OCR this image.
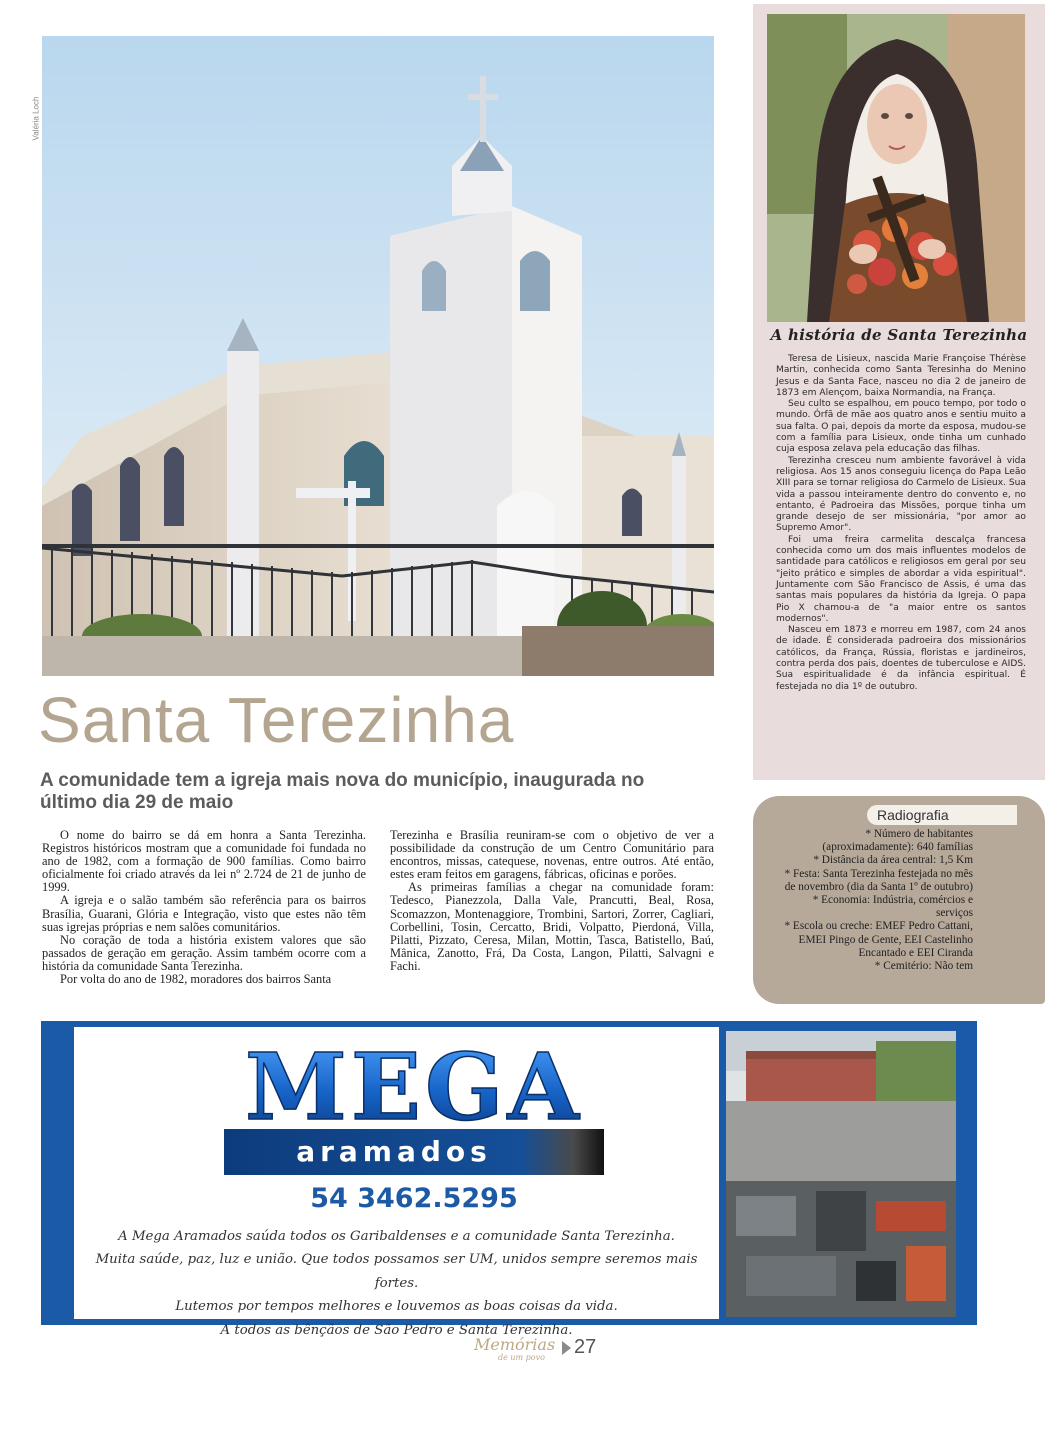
Valéria Loch
A história de Santa Terezinha

Teresa de Lisieux, nascida Marie Françoise Thérèse Martin, conhecida como Santa Teresinha do Menino Jesus e da Santa Face, nasceu no dia 2 de janeiro de 1873 em Alençom, baixa Normandia, na França.

Seu culto se espalhou, em pouco tempo, por todo o mundo. Órfã de mãe aos quatro anos e sentiu muito a sua falta. O pai, depois da morte da esposa, mudou-se com a família para Lisieux, onde tinha um cunhado cuja esposa zelava pela educação das filhas.

Terezinha cresceu num ambiente favorável à vida religiosa. Aos 15 anos conseguiu licença do Papa Leão XIII para se tornar religiosa do Carmelo de Lisieux. Sua vida a passou inteiramente dentro do convento e, no entanto, é Padroeira das Missões, porque tinha um grande desejo de ser missionária, "por amor ao Supremo Amor".

Foi uma freira carmelita descalça francesa conhecida como um dos mais influentes modelos de santidade para católicos e religiosos em geral por seu "jeito prático e simples de abordar a vida espiritual". Juntamente com São Francisco de Assis, é uma das santas mais populares da história da Igreja. O papa Pio X chamou-a de "a maior entre os santos modernos".

Nasceu em 1873 e morreu em 1987, com 24 anos de idade. É considerada padroeira dos missionários católicos, da França, Rússia, floristas e jardineiros, contra perda dos pais, doentes de tuberculose e AIDS. Sua espiritualidade é da infância espiritual. É festejada no dia 1º de outubro.

Santa Terezinha
A comunidade tem a igreja mais nova do município, inaugurada no último dia 29 de maio

O nome do bairro se dá em honra a Santa Terezinha. Registros históricos mostram que a comunidade foi fundada no ano de 1982, com a formação de 900 famílias. Como bairro oficialmente foi criado através da lei nº 2.724 de 21 de junho de 1999.

A igreja e o salão também são referência para os bairros Brasília, Guarani, Glória e Integração, visto que estes não têm suas igrejas próprias e nem salões comunitários.

No coração de toda a história existem valores que são passados de geração em geração. Assim também ocorre com a história da comunidade Santa Terezinha.

Por volta do ano de 1982, moradores dos bairros Santa

Terezinha e Brasília reuniram-se com o objetivo de ver a possibilidade da construção de um Centro Comunitário para encontros, missas, catequese, novenas, entre outros. Até então, estes eram feitos em garagens, fábricas, oficinas e porões.

As primeiras famílias a chegar na comunidade foram: Tedesco, Pianezzola, Dalla Vale, Prancutti, Beal, Rosa, Scomazzon, Montenaggiore, Trombini, Sartori, Zorrer, Cagliari, Corbellini, Tosin, Cercatto, Bridi, Volpatto, Pierdoná, Villa, Pilatti, Pizzato, Ceresa, Milan, Mottin, Tasca, Batistello, Baú, Mânica, Zanotto, Frá, Da Costa, Langon, Pilatti, Salvagni e Fachi.

Radiografia
* Número de habitantes (aproximadamente): 640 famílias
* Distância da área central: 1,5 Km
* Festa: Santa Terezinha festejada no mês de novembro (dia da Santa 1º de outubro)
* Economia: Indústria, comércios e serviços
* Escola ou creche: EMEF Pedro Cattani, EMEI Pingo de Gente, EEI Castelinho Encantado e EEI Ciranda
* Cemitério: Não tem
MEGA
aramados
54 3462.5295
A Mega Aramados saúda todos os Garibaldenses e a comunidade Santa Terezinha.
Muita saúde, paz, luz e união. Que todos possamos ser UM, unidos sempre seremos mais fortes.
Lutemos por tempos melhores e louvemos as boas coisas da vida.
A todos as bênçãos de São Pedro e Santa Terezinha.
Memórias
de um povo 27
